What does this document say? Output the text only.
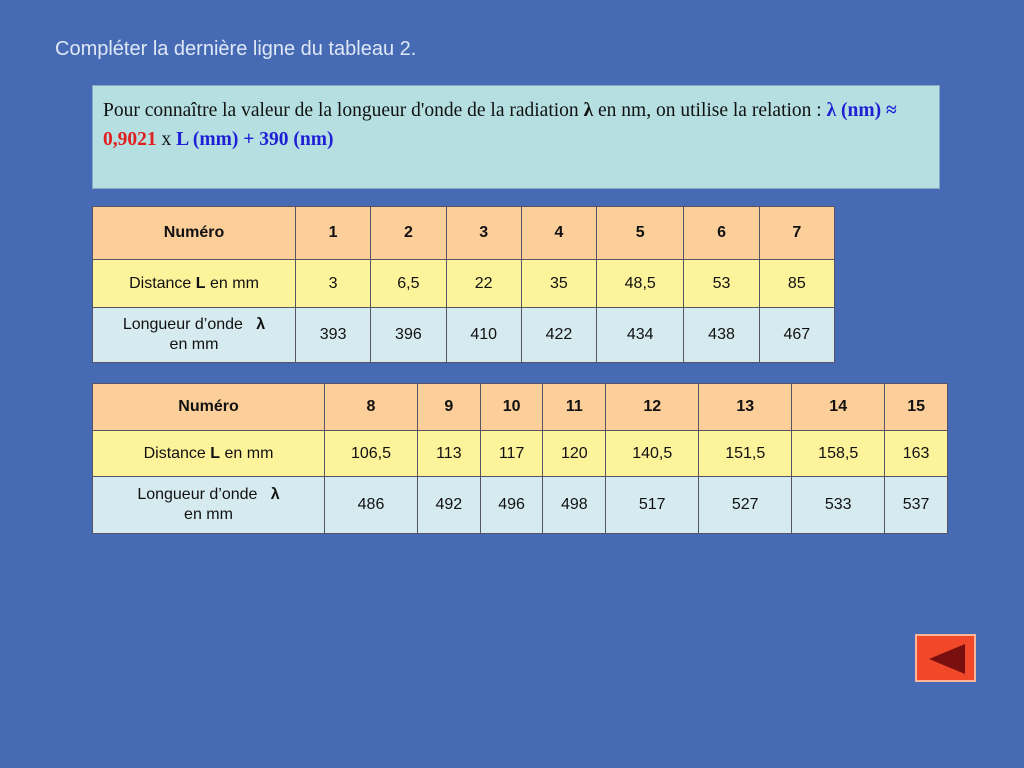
Compléter la dernière ligne du tableau 2.
Pour connaître la valeur de la longueur d'onde de la radiation λ en nm, on utilise la relation : λ (nm) ≈ 0,9021 x L (mm) + 390 (nm)
Numéro	1	2	3	4	5	6	7
Distance L en mm	3	6,5	22	35	48,5	53	85
Longueur d’onde   λ
en mm	393	396	410	422	434	438	467
Numéro	8	9	10	11	12	13	14	15
Distance L en mm	106,5	113	117	120	140,5	151,5	158,5	163
Longueur d’onde   λ
en mm	486	492	496	498	517	527	533	537
